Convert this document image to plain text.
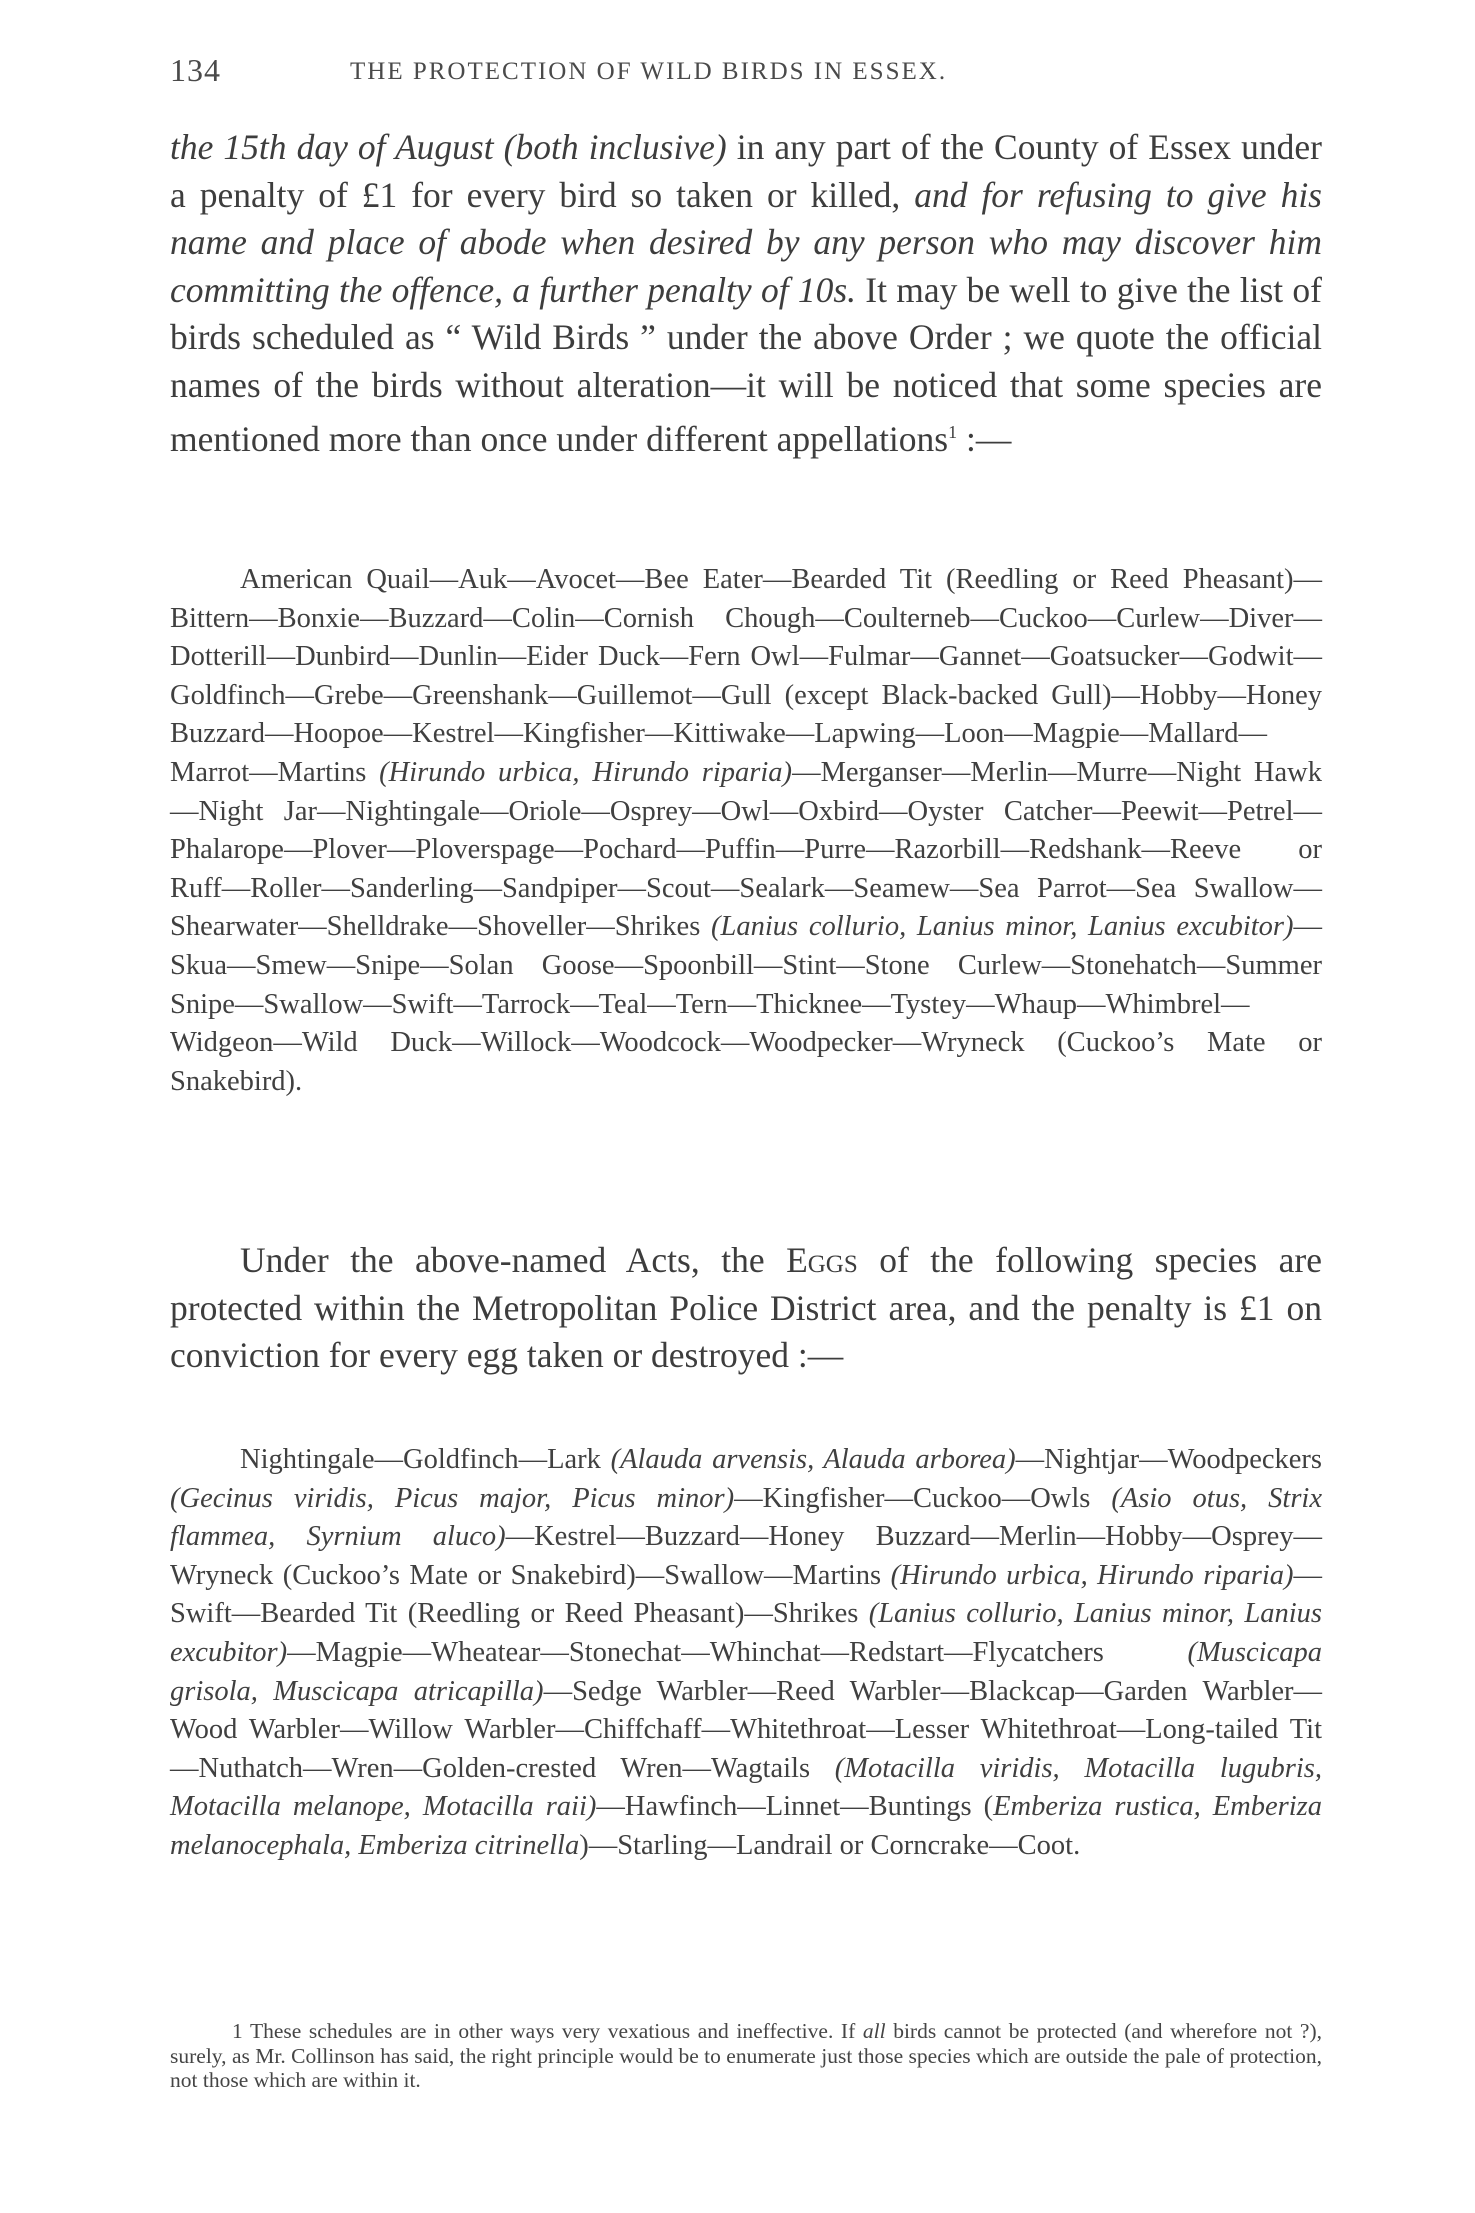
134	THE PROTECTION OF WILD BIRDS IN ESSEX.
the 15th day of August (both inclusive) in any part of the County of Essex under a penalty of £1 for every bird so taken or killed, and for refusing to give his name and place of abode when desired by any person who may discover him committing the offence, a further penalty of 10s. It may be well to give the list of birds scheduled as “ Wild Birds ” under the above Order ; we quote the official names of the birds without alteration—it will be noticed that some species are mentioned more than once under different appellations$^1$ :—
American Quail—Auk—Avocet—Bee Eater—Bearded Tit (Reedling or Reed Pheasant)—Bittern—Bonxie—Buzzard—Colin—Cornish Chough—Coulterneb—Cuckoo—Curlew—Diver—Dotterill—Dunbird—Dunlin—Eider Duck—Fern Owl—Fulmar—Gannet—Goatsucker—Godwit—Goldfinch—Grebe—Greenshank—Guillemot—Gull (except Black-backed Gull)—Hobby—Honey Buzzard—Hoopoe—Kestrel—Kingfisher—Kittiwake—Lapwing—Loon—Magpie—Mallard—Marrot—Martins (Hirundo urbica, Hirundo riparia)—Merganser—Merlin—Murre—Night Hawk—Night Jar—Nightingale—Oriole—Osprey—Owl—Oxbird—Oyster Catcher—Peewit—Petrel—Phalarope—Plover—Ploverspage—Pochard—Puffin—Purre—Razorbill—Redshank—Reeve or Ruff—Roller—Sanderling—Sandpiper—Scout—Sealark—Seamew—Sea Parrot—Sea Swallow—Shearwater—Shelldrake—Shoveller—Shrikes (Lanius collurio, Lanius minor, Lanius excubitor)—Skua—Smew—Snipe—Solan Goose—Spoonbill—Stint—Stone Curlew—Stonehatch—Summer Snipe—Swallow—Swift—Tarrock—Teal—Tern—Thicknee—Tystey—Whaup—Whimbrel—Widgeon—Wild Duck—Willock—Woodcock—Woodpecker—Wryneck (Cuckoo’s Mate or Snakebird).
Under the above-named Acts, the Eggs of the following species are protected within the Metropolitan Police District area, and the penalty is £1 on conviction for every egg taken or destroyed :—
Nightingale—Goldfinch—Lark (Alauda arvensis, Alauda arborea)—Nightjar—Woodpeckers (Gecinus viridis, Picus major, Picus minor)—Kingfisher—Cuckoo—Owls (Asio otus, Strix flammea, Syrnium aluco)—Kestrel—Buzzard—Honey Buzzard—Merlin—Hobby—Osprey—Wryneck (Cuckoo’s Mate or Snakebird)—Swallow—Martins (Hirundo urbica, Hirundo riparia)—Swift—Bearded Tit (Reedling or Reed Pheasant)—Shrikes (Lanius collurio, Lanius minor, Lanius excubitor)—Magpie—Wheatear—Stonechat—Whinchat—Redstart—Flycatchers (Muscicapa grisola, Muscicapa atricapilla)—Sedge Warbler—Reed Warbler—Blackcap—Garden Warbler—Wood Warbler—Willow Warbler—Chiffchaff—Whitethroat—Lesser Whitethroat—Long-tailed Tit—Nuthatch—Wren—Golden-crested Wren—Wagtails (Motacilla viridis, Motacilla lugubris, Motacilla melanope, Motacilla raii)—Hawfinch—Linnet—Buntings (Emberiza rustica, Emberiza melanocephala, Emberiza citrinella)—Starling—Landrail or Corncrake—Coot.
1 These schedules are in other ways very vexatious and ineffective. If all birds cannot be protected (and wherefore not ?), surely, as Mr. Collinson has said, the right principle would be to enumerate just those species which are outside the pale of protection, not those which are within it.
